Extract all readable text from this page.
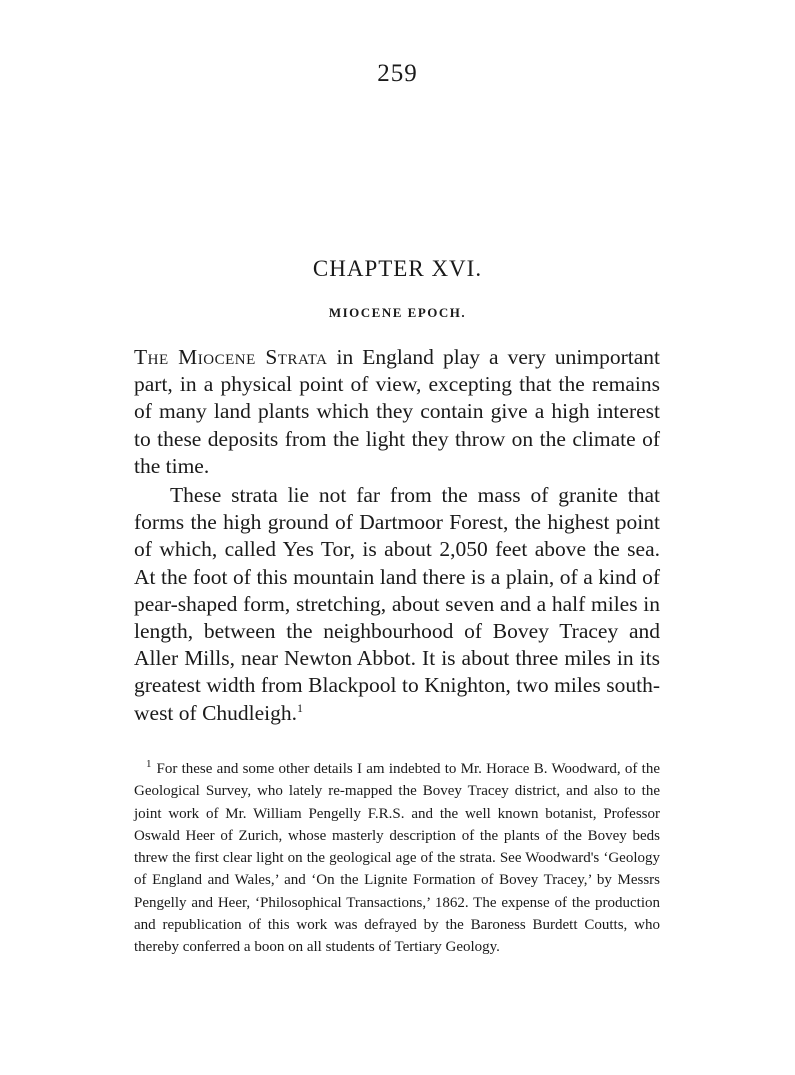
259
CHAPTER XVI.
MIOCENE EPOCH.

The Miocene Strata in England play a very unimportant part, in a physical point of view, excepting that the remains of many land plants which they contain give a high interest to these deposits from the light they throw on the climate of the time.

These strata lie not far from the mass of granite that forms the high ground of Dartmoor Forest, the highest point of which, called Yes Tor, is about 2,050 feet above the sea. At the foot of this mountain land there is a plain, of a kind of pear-shaped form, stretching, about seven and a half miles in length, between the neighbourhood of Bovey Tracey and Aller Mills, near Newton Abbot. It is about three miles in its greatest width from Blackpool to Knighton, two miles south-west of Chudleigh.$^1$

$^1$ For these and some other details I am indebted to Mr. Horace B. Woodward, of the Geological Survey, who lately re-mapped the Bovey Tracey district, and also to the joint work of Mr. William Pengelly F.R.S. and the well known botanist, Professor Oswald Heer of Zurich, whose masterly description of the plants of the Bovey beds threw the first clear light on the geological age of the strata. See Woodward's ‘Geology of England and Wales,’ and ‘On the Lignite Formation of Bovey Tracey,’ by Messrs Pengelly and Heer, ‘Philosophical Transactions,’ 1862. The expense of the production and republication of this work was defrayed by the Baroness Burdett Coutts, who thereby conferred a boon on all students of Tertiary Geology.
